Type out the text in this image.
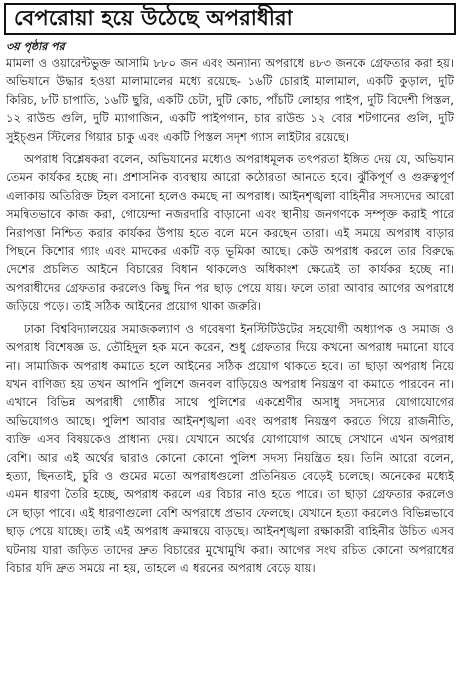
বেপরোয়া হয়ে উঠেছে অপরাধীরা
৩য় পৃষ্ঠার পর

মামলা ও ওয়ারেন্টভুক্ত আসামি ৮৮০ জন এবং অন্যান্য অপরাধে ৪৮৩ জনকে গ্রেফতার করা হয়। অভিযানে উদ্ধার হওয়া মালামালের মধ্যে রয়েছে- ১৬টি চোরাই মালামাল, একটি কুড়াল, দুটি কিরিচ, ৮টি চাপাতি, ১৬টি ছুরি, একটি চেটা, দুটি কোচ, পাঁচটি লোহার পাইপ, দুটি বিদেশী পিস্তল, ১২ রাউন্ড গুলি, দুটি ম্যাগাজিন, একটি পাইপগান, চার রাউন্ড ১২ বোর শটগানের গুলি, দুটি সুইচ্‌গুন স্টিলের গিয়ার চাকু এবং একটি পিস্তল সদৃশ গ্যাস লাইটার রয়েছে।

অপরাধ বিশ্লেষকরা বলেন, অভিযানের মধ্যেও অপরাধমূলক তৎপরতা ইঙ্গিত দেয় যে, অভিযান তেমন কার্যকর হচ্ছে না। প্রশাসনিক ব্যবস্থায় আরো কঠোরতা আনতে হবে। ঝুঁকিপূর্ণ ও গুরুত্বপূর্ণ এলাকায় অতিরিক্ত টহল বসানো হলেও কমছে না অপরাধ। আইনশৃঙ্খলা বাহিনীর সদস্যদের আরো সমন্বিতভাবে কাজ করা, গোয়েন্দা নজরদারি বাড়ানো এবং স্থানীয় জনগণকে সম্পৃক্ত করাই পারে নিরাপত্তা নিশ্চিত করার কার্যকর উপায় হতে বলে মনে করছেন তারা। এই সময়ে অপরাধ বাড়ার পিছনে কিশোর গ্যাং এবং মাদকের একটি বড় ভূমিকা আছে। কেউ অপরাধ করলে তার বিরুদ্ধে দেশের প্রচলিত আইনে বিচারের বিধান থাকলেও অধিকাংশ ক্ষেত্রেই তা কার্যকর হচ্ছে না। অপরাধীদের গ্রেফতার করলেও কিছু দিন পর ছাড় পেয়ে যায়। ফলে তারা আবার আগের অপরাধে জড়িয়ে পড়ে। তাই সঠিক আইনের প্রয়োগ থাকা জরুরি।

ঢাকা বিশ্ববিদ্যালয়ের সমাজকল্যাণ ও গবেষণা ইনস্টিটিউটের সহযোগী অধ্যাপক ও সমাজ ও অপরাধ বিশেষজ্ঞ ড. তৌহিদুল হক মনে করেন, শুধু গ্রেফতার দিয়ে কখনো অপরাধ দমানো যাবে না। সামাজিক অপরাধ কমাতে হলে আইনের সঠিক প্রয়োগ থাকতে হবে। তা ছাড়া অপরাধ নিয়ে যখন বাণিজ্য হয় তখন আপনি পুলিশে জনবল বাড়িয়েও অপরাধ নিয়ন্ত্রণ বা কমাতে পারবেন না। এখানে বিভিন্ন অপরাধী গোষ্ঠীর সাথে পুলিশের একশ্রেণীর অসাধু সদস্যের যোগাযোগের অভিযোগও আছে। পুলিশ আবার আইনশৃঙ্খলা এবং অপরাধ নিয়ন্ত্রণ করতে গিয়ে রাজনীতি, ব্যক্তি এসব বিষয়কেও প্রাধান্য দেয়। যেখানে অর্থের যোগাযোগ আছে সেখানে এখন অপরাধ বেশি। আর এই অর্থের দ্বারাও কোনো কোনো পুলিশ সদস্য নিয়ন্ত্রিত হয়। তিনি আরো বলেন, হত্যা, ছিনতাই, চুরি ও গুমের মতো অপরাধগুলো প্রতিনিয়ত বেড়েই চলেছে। অনেকের মধ্যেই এমন ধারণা তৈরি হচ্ছে, অপরাধ করলে এর বিচার নাও হতে পারে। তা ছাড়া গ্রেফতার করলেও সে ছাড়া পাবে। এই ধারণাগুলো বেশি অপরাধে প্রভাব ফেলছে। যেখানে হত্যা করলেও বিভিন্নভাবে ছাড় পেয়ে যাচ্ছে। তাই এই অপরাধ ক্রমান্বয়ে বাড়ছে। আইনশৃঙ্খলা রক্ষাকারী বাহিনীর উচিত এসব ঘটনায় যারা জড়িত তাদের দ্রুত বিচারের মুখোমুখি করা। আগের সংঘ রচিত কোনো অপরাধের বিচার যদি দ্রুত সময়ে না হয়, তাহলে এ ধরনের অপরাধ বেড়ে যায়।
